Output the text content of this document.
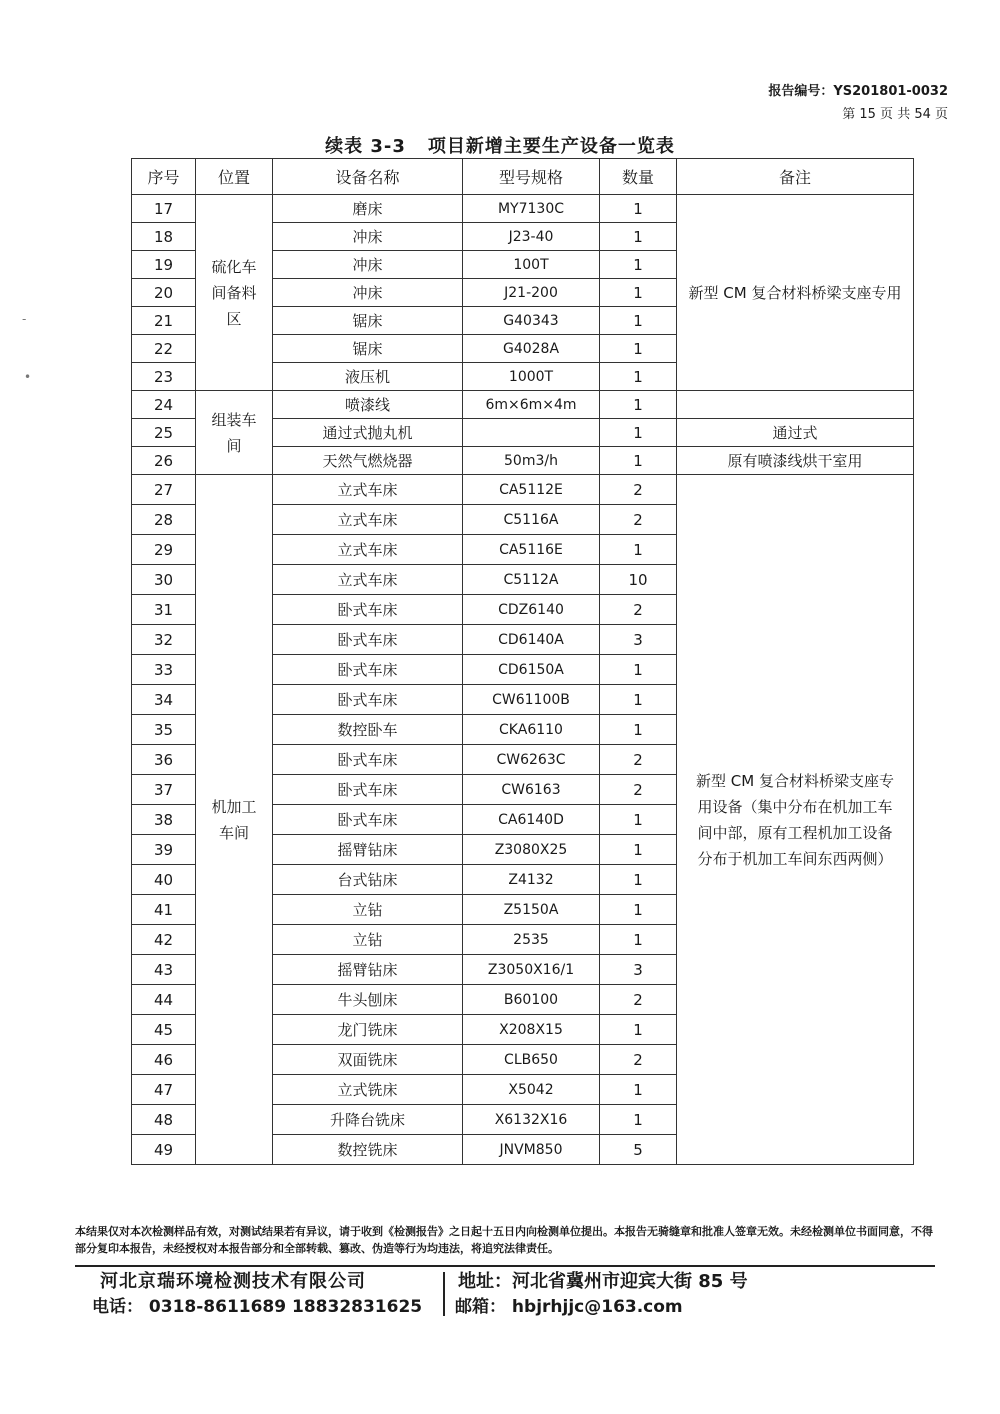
报告编号：YS201801-0032
第 15 页 共 54 页
续表 3-3 项目新增主要生产设备一览表
-
•
序号	位置	设备名称	型号规格	数量	备注
17	硫化车间备料区	磨床	MY7130C	1	新型 CM 复合材料桥梁支座专用
18		冲床	J23-40	1	
19		冲床	100T	1	
20		冲床	J21-200	1	
21		锯床	G40343	1	
22		锯床	G4028A	1	
23		液压机	1000T	1	
24	组装车间	喷漆线	6m×6m×4m	1	
25		通过式抛丸机		1	通过式
26		天然气燃烧器	50m3/h	1	原有喷漆线烘干室用
27	机加工车间	立式车床	CA5112E	2	新型 CM 复合材料桥梁支座专用设备（集中分布在机加工车间中部，原有工程机加工设备分布于机加工车间东西两侧）
28		立式车床	C5116A	2	
29		立式车床	CA5116E	1	
30		立式车床	C5112A	10	
31		卧式车床	CDZ6140	2	
32		卧式车床	CD6140A	3	
33		卧式车床	CD6150A	1	
34		卧式车床	CW61100B	1	
35		数控卧车	CKA6110	1	
36		卧式车床	CW6263C	2	
37		卧式车床	CW6163	2	
38		卧式车床	CA6140D	1	
39		摇臂钻床	Z3080X25	1	
40		台式钻床	Z4132	1	
41		立钻	Z5150A	1	
42		立钻	2535	1	
43		摇臂钻床	Z3050X16/1	3	
44		牛头刨床	B60100	2	
45		龙门铣床	X208X15	1	
46		双面铣床	CLB650	2	
47		立式铣床	X5042	1	
48		升降台铣床	X6132X16	1	
49		数控铣床	JNVM850	5	
本结果仅对本次检测样品有效，对测试结果若有异议，请于收到《检测报告》之日起十五日内向检测单位提出。本报告无骑缝章和批准人签章无效。未经检测单位书面同意，不得部分复印本报告，未经授权对本报告部分和全部转载、篡改、伪造等行为均违法，将追究法律责任。
河北京瑞环境检测技术有限公司
电话： 0318-8611689 18832831625
地址：河北省冀州市迎宾大街 85 号
邮箱： hbjrhjjc@163.com
